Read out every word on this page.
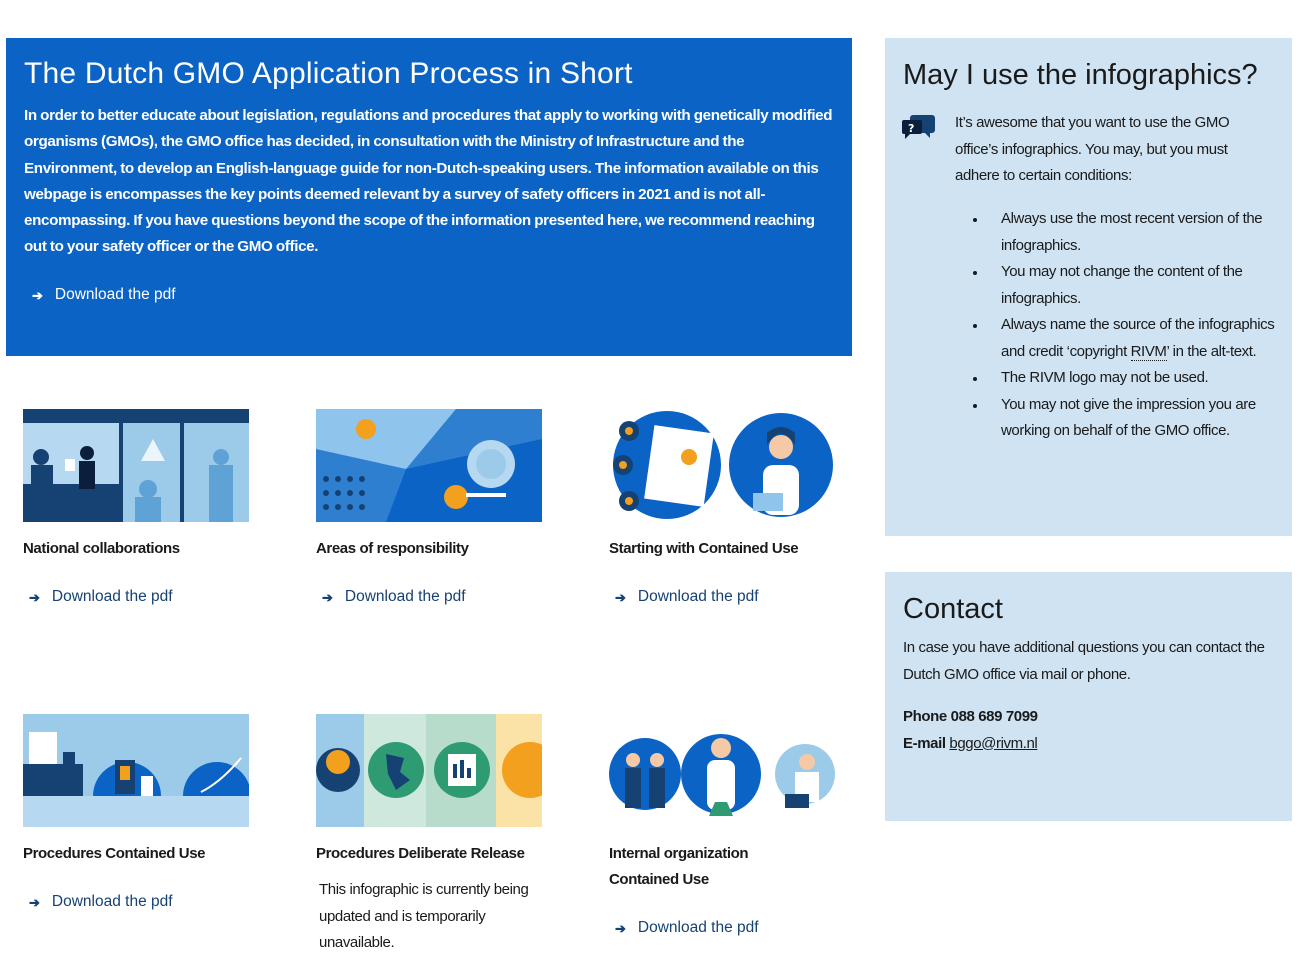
The Dutch GMO Application Process in Short

In order to better educate about legislation, regulations and procedures that apply to working with genetically modified organisms (GMOs), the GMO office has decided, in consultation with the Ministry of Infrastructure and the Environment, to develop an English-language guide for non-Dutch-speaking users. The information available on this webpage is encompasses the key points deemed relevant by a survey of safety officers in 2021 and is not all-encompassing. If you have questions beyond the scope of the information presented here, we recommend reaching out to your safety officer or the GMO office.

➔ Download the pdf
National collaborations
➔ Download the pdf
Areas of responsibility
➔ Download the pdf
Starting with Contained Use
➔ Download the pdf
Procedures Contained Use
➔ Download the pdf
Procedures Deliberate Release

This infographic is currently being updated and is temporarily unavailable.

Internal organization Contained Use
➔ Download the pdf
May I use the infographics?
?	It’s awesome that you want to use the GMO office’s infographics. You may, but you must adhere to certain conditions:

• Always use the most recent version of the infographics.
• You may not change the content of the infographics.
• Always name the source of the infographics and credit ‘copyright RIVM’ in the alt-text.
• The RIVM logo may not be used.
• You may not give the impression you are working on behalf of the GMO office.
Contact

In case you have additional questions you can contact the Dutch GMO office via mail or phone.

Phone 088 689 7099
E-mail bggo@rivm.nl
